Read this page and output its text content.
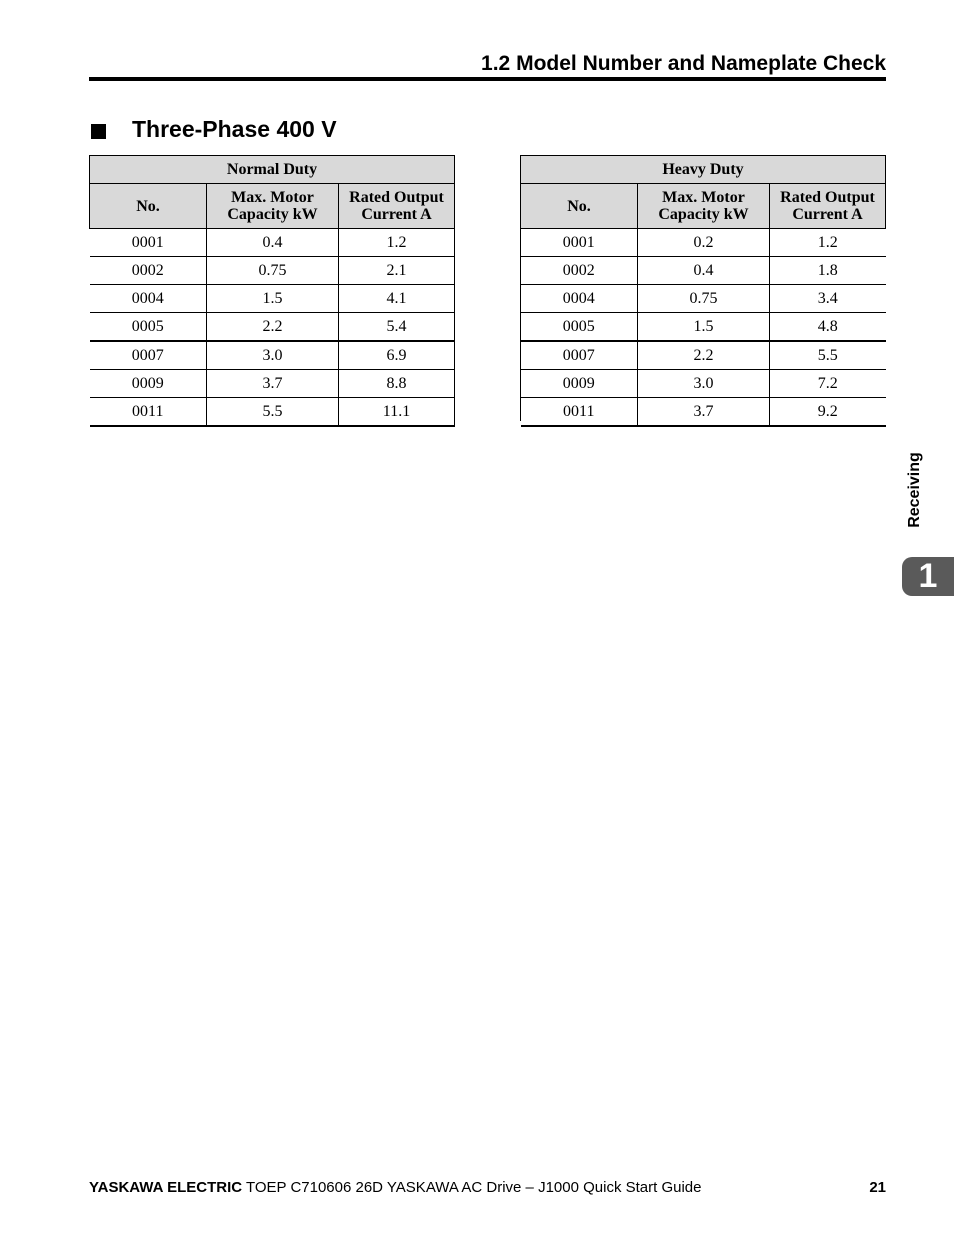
1.2 Model Number and Nameplate Check
Three-Phase 400 V
Normal Duty		
No.	Max. Motor Capacity kW	Rated Output Current A
0001	0.4	1.2
0002	0.75	2.1
0004	1.5	4.1
0005	2.2	5.4
0007	3.0	6.9
0009	3.7	8.8
0011	5.5	11.1
Heavy Duty		
No.	Max. Motor Capacity kW	Rated Output Current A
0001	0.2	1.2
0002	0.4	1.8
0004	0.75	3.4
0005	1.5	4.8
0007	2.2	5.5
0009	3.0	7.2
0011	3.7	9.2
Receiving
1
YASKAWA ELECTRIC TOEP C710606 26D YASKAWA AC Drive – J1000 Quick Start Guide	21
